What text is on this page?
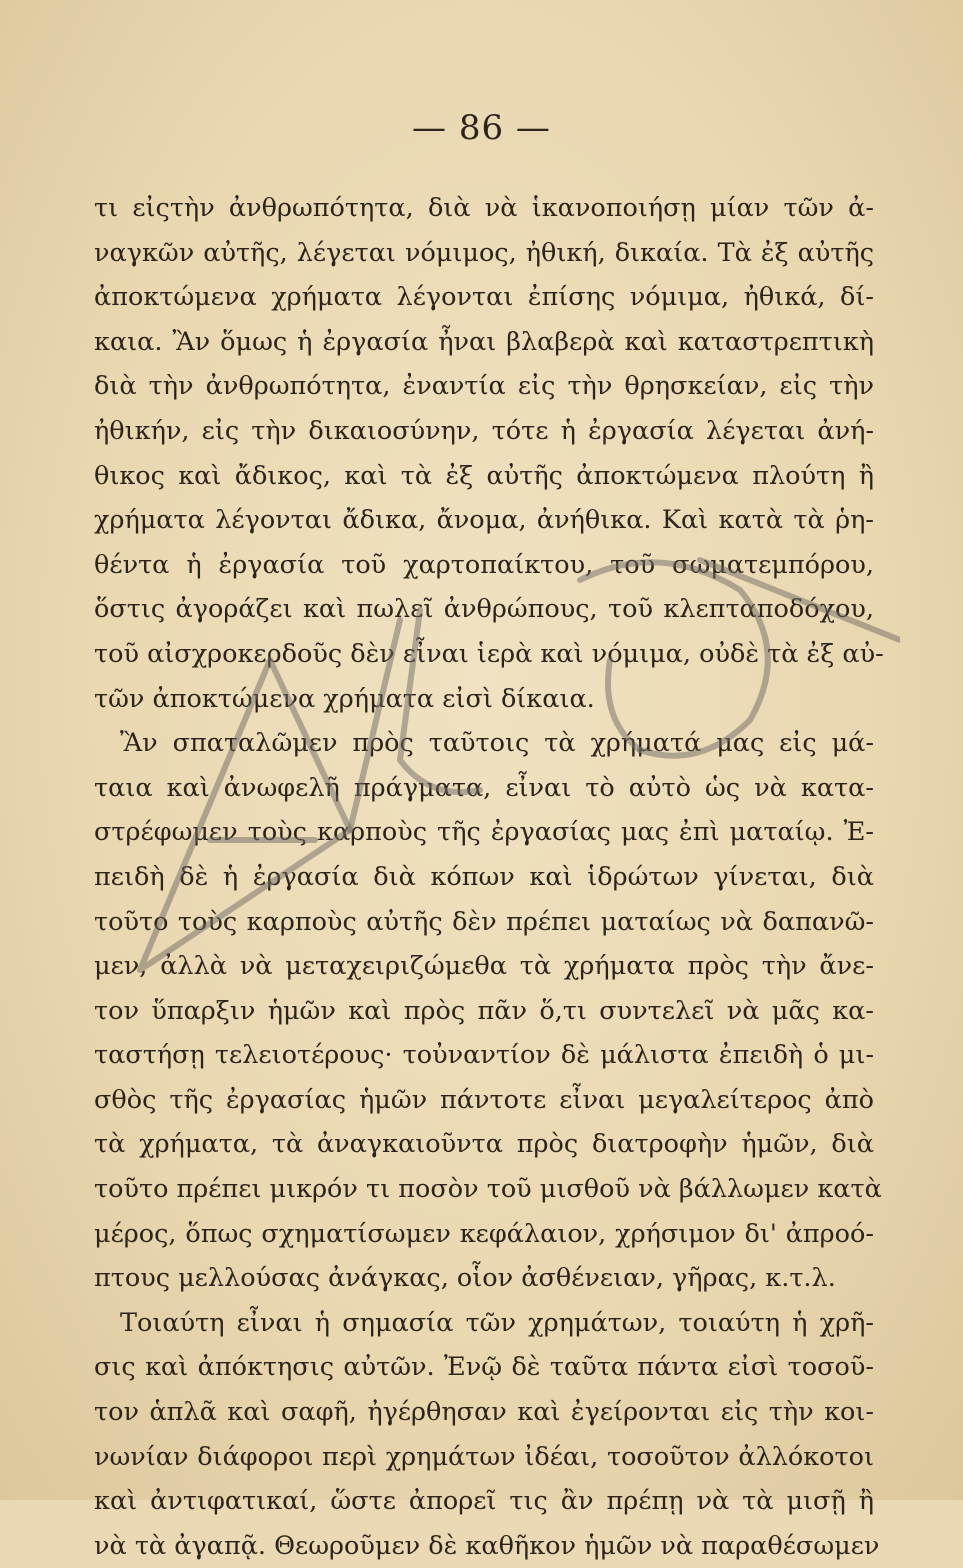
— 86 —
τι εἰςτὴν ἀνθρωπότητα, διὰ νὰ ἱκανοποιήσῃ μίαν τῶν ἀ-
ναγκῶν αὐτῆς, λέγεται νόμιμος, ἠθική, δικαία. Τὰ ἐξ αὐτῆς
ἀποκτώμενα χρήματα λέγονται ἐπίσης νόμιμα, ἠθικά, δί-
καια. Ἂν ὅμως ἡ ἐργασία ἦναι βλαβερὰ καὶ καταστρεπτικὴ
διὰ τὴν ἀνθρωπότητα, ἐναντία εἰς τὴν θρησκείαν, εἰς τὴν
ἠθικήν, εἰς τὴν δικαιοσύνην, τότε ἡ ἐργασία λέγεται ἀνή-
θικος καὶ ἄδικος, καὶ τὰ ἐξ αὐτῆς ἀποκτώμενα πλούτη ἢ
χρήματα λέγονται ἄδικα, ἄνομα, ἀνήθικα. Καὶ κατὰ τὰ ῥη-
θέντα ἡ ἐργασία τοῦ χαρτοπαίκτου, τοῦ σωματεμπόρου,
ὅστις ἀγοράζει καὶ πωλεῖ ἀνθρώπους, τοῦ κλεπταποδόχου,
τοῦ αἰσχροκερδοῦς δὲν εἶναι ἱερὰ καὶ νόμιμα, οὐδὲ τὰ ἐξ αὐ-
τῶν ἀποκτώμενα χρήματα εἰσὶ δίκαια.
Ἂν σπαταλῶμεν πρὸς ταῦτοις τὰ χρήματά μας εἰς μά-
ταια καὶ ἀνωφελῆ πράγματα, εἶναι τὸ αὐτὸ ὡς νὰ κατα-
στρέφωμεν τοὺς καρποὺς τῆς ἐργασίας μας ἐπὶ ματαίῳ. Ἐ-
πειδὴ δὲ ἡ ἐργασία διὰ κόπων καὶ ἱδρώτων γίνεται, διὰ
τοῦτο τοὺς καρποὺς αὐτῆς δὲν πρέπει ματαίως νὰ δαπανῶ-
μεν, ἀλλὰ νὰ μεταχειριζώμεθα τὰ χρήματα πρὸς τὴν ἄνε-
τον ὕπαρξιν ἡμῶν καὶ πρὸς πᾶν ὅ,τι συντελεῖ νὰ μᾶς κα-
ταστήσῃ τελειοτέρους· τοὐναντίον δὲ μάλιστα ἐπειδὴ ὁ μι-
σθὸς τῆς ἐργασίας ἡμῶν πάντοτε εἶναι μεγαλείτερος ἀπὸ
τὰ χρήματα, τὰ ἀναγκαιοῦντα πρὸς διατροφὴν ἡμῶν, διὰ
τοῦτο πρέπει μικρόν τι ποσὸν τοῦ μισθοῦ νὰ βάλλωμεν κατὰ
μέρος, ὅπως σχηματίσωμεν κεφάλαιον, χρήσιμον δι' ἀπροό-
πτους μελλούσας ἀνάγκας, οἷον ἀσθένειαν, γῆρας, κ.τ.λ.
Τοιαύτη εἶναι ἡ σημασία τῶν χρημάτων, τοιαύτη ἡ χρῆ-
σις καὶ ἀπόκτησις αὐτῶν. Ἐνῷ δὲ ταῦτα πάντα εἰσὶ τοσοῦ-
τον ἁπλᾶ καὶ σαφῆ, ἠγέρθησαν καὶ ἐγείρονται εἰς τὴν κοι-
νωνίαν διάφοροι περὶ χρημάτων ἰδέαι, τοσοῦτον ἀλλόκοτοι
καὶ ἀντιφατικαί, ὥστε ἀπορεῖ τις ἂν πρέπῃ νὰ τὰ μισῇ ἢ
νὰ τὰ ἀγαπᾷ. Θεωροῦμεν δὲ καθῆκον ἡμῶν νὰ παραθέσωμεν
